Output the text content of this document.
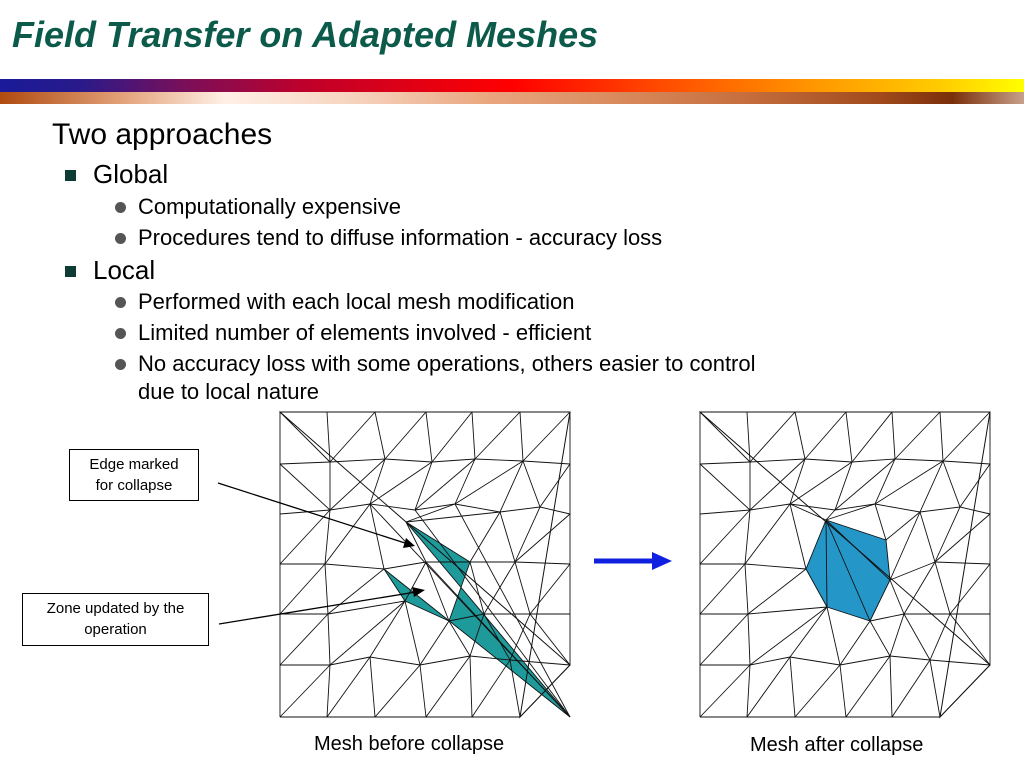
Field Transfer on Adapted Meshes
Two approaches
Global
Computationally expensive
Procedures tend to diffuse information - accuracy loss
Local
Performed with each local mesh modification
Limited number of elements involved - efficient
No accuracy loss with some operations, others easier to control
due to local nature
Edge marked
for collapse
Zone updated by the
operation
Mesh before collapse	Mesh after collapse
